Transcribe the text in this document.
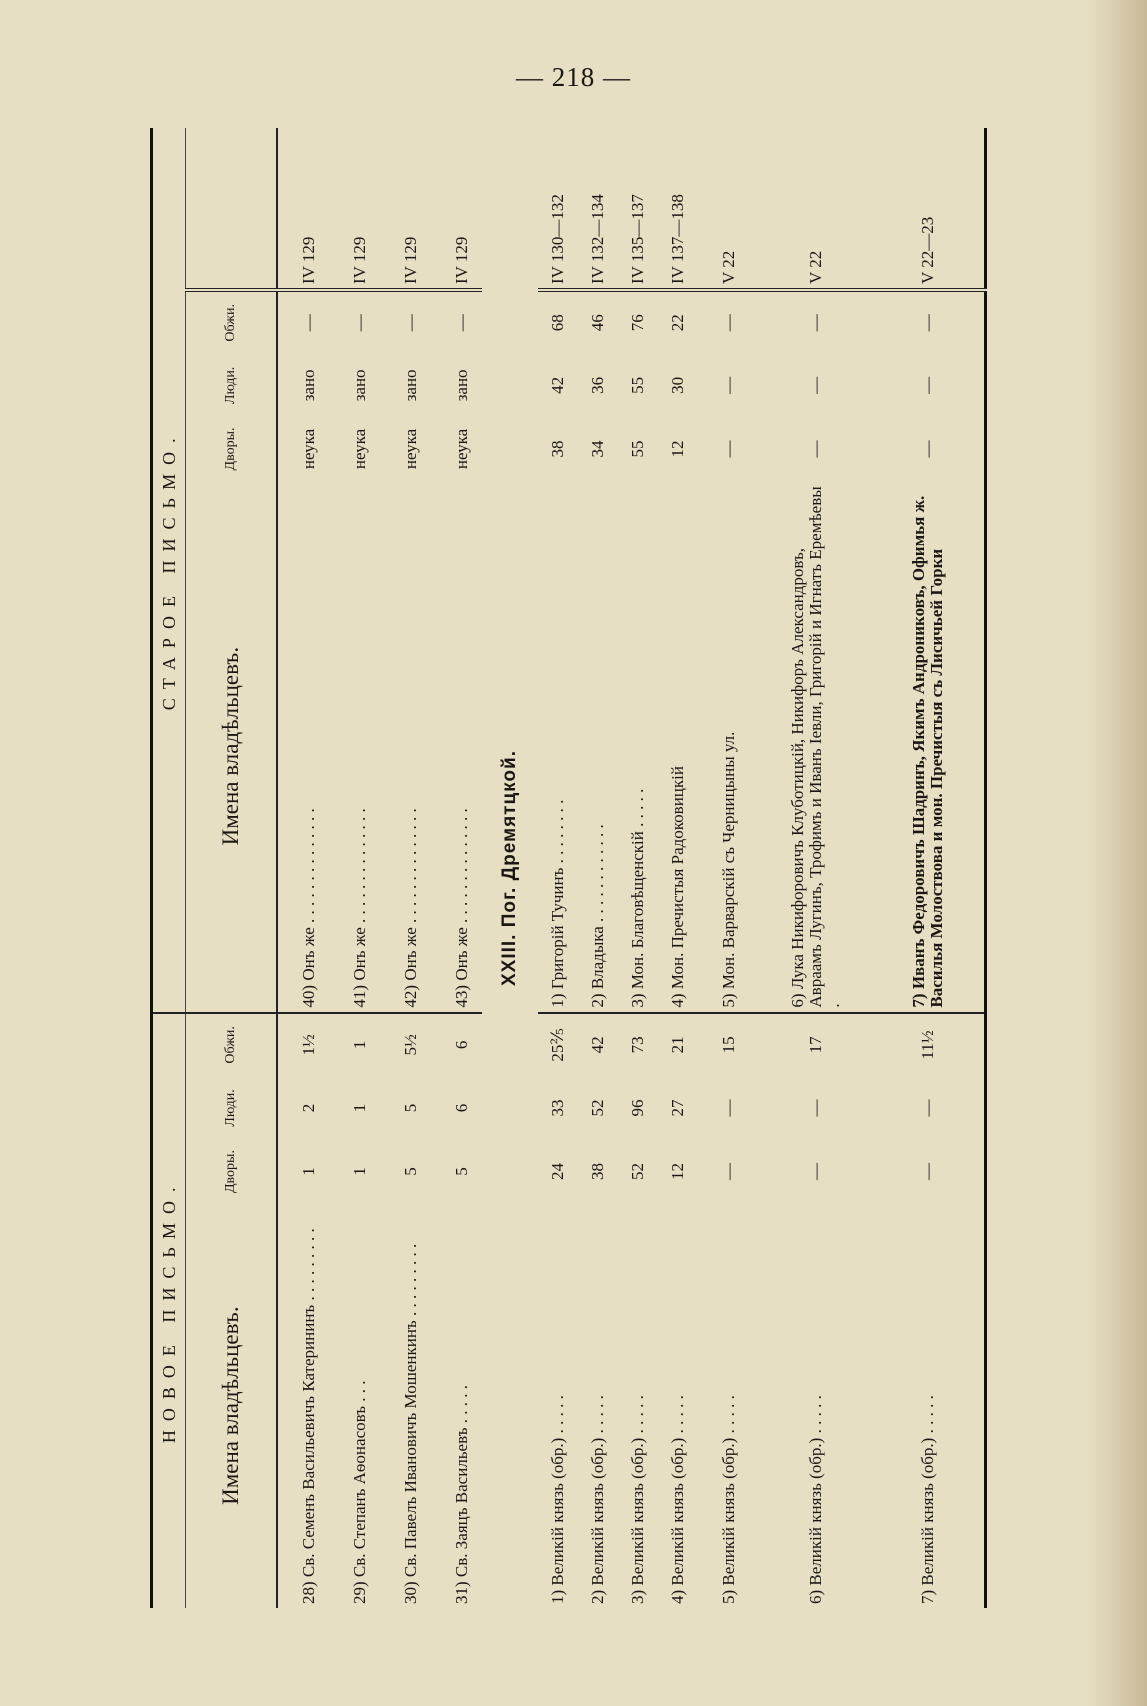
— 218 —
НОВОЕ ПИСЬМО.				СТАРОЕ ПИСЬМО.				
Имена владѣльцевъ.	Дворы.	Люди.	Обжи.	Имена владѣльцевъ.	Дворы.	Люди.	Обжи.	
28) Св. Семенъ Васильевичъ Катерининъ . . . . . . . . .	1	2	1½	40) Онъ же . . . . . . . . . . . . . .	неука	зано	—	IV 129
29) Св. Степанъ Аѳонасовъ . . .	1	1	1	41) Онъ же . . . . . . . . . . . . . .	неука	зано	—	IV 129
30) Св. Павелъ Ивановичъ Мошенкинъ . . . . . . . . .	5	5	5½	42) Онъ же . . . . . . . . . . . . . .	неука	зано	—	IV 129
31) Св. Заяцъ Васильевъ . . . . .	5	6	6	43) Онъ же . . . . . . . . . . . . . .	неука	зано	—	IV 129
XXIII. Пог. Дремятцкой.								
1) Великій князь (обр.) . . . . .	24	33	25⅖	1) Григорій Тучинъ . . . . . . . .	38	42	68	IV 130—132
2) Великій князь (обр.) . . . . .	38	52	42	2) Владыка . . . . . . . . . . . .	34	36	46	IV 132—134
3) Великій князь (обр.) . . . . .	52	96	73	3) Мон. Благовѣщенскій . . . . .	55	55	76	IV 135—137
4) Великій князь (обр.) . . . . .	12	27	21	4) Мон. Пречистыя Радоковицкій	12	30	22	IV 137—138
5) Великій князь (обр.) . . . . .	—	—	15	5) Мон. Варварскій съ Черницыны ул.	—	—	—	V 22
6) Великій князь (обр.) . . . . .	—	—	17	6) Лука Никифоровичъ Клуботицкій, Никифоръ Александровъ, Авраамъ Лугинъ, Трофимъ и Иванъ Іевли, Григорій и Игнатъ Еремѣевы .	—	—	—	V 22
7) Великій князь (обр.) . . . . .	—	—	11½	7) Иванъ Федоровичъ Шадринъ, Якимъ Андрониковъ, Офимья ж. Василья Молоствова и мон. Пречистыя съ Лисичьей Горки	—	—	—	V 22—23
